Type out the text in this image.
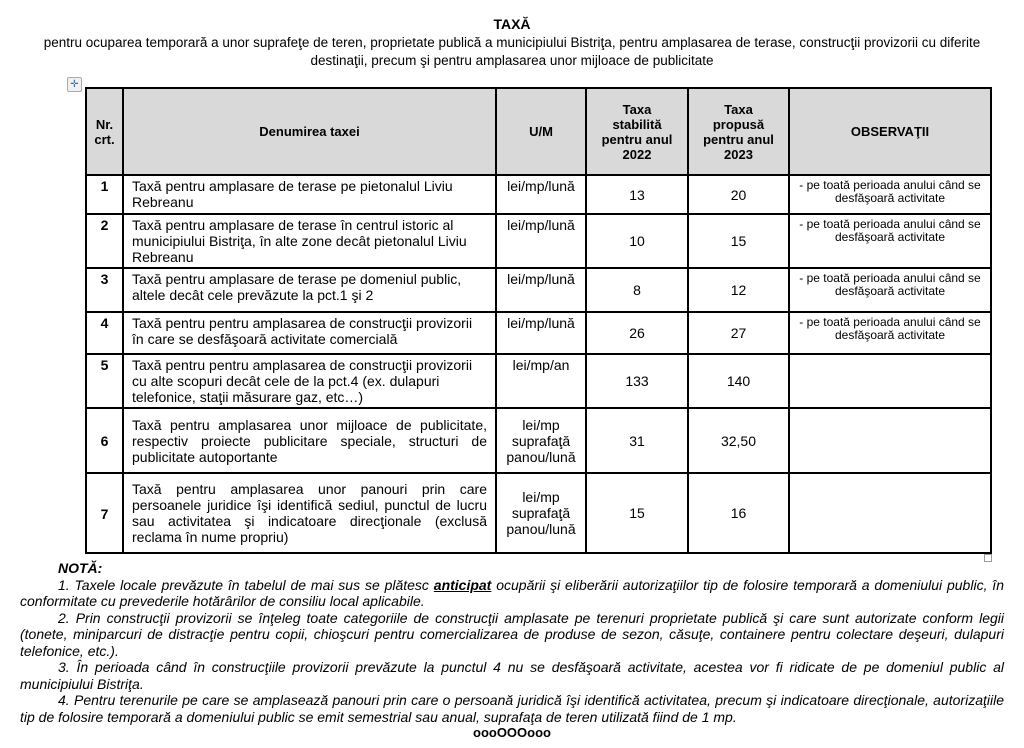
TAXĂ
pentru ocuparea temporară a unor suprafeţe de teren, proprietate publică a municipiului Bistriţa, pentru amplasarea de terase, construcţii provizorii cu diferite destinaţii, precum şi pentru amplasarea unor mijloace de publicitate
✛
Nr. crt.	Denumirea taxei	U/M	Taxa stabilită pentru anul 2022	Taxa propusă pentru anul 2023	OBSERVAŢII
1	Taxă pentru amplasare de terase pe pietonalul Liviu Rebreanu	lei/mp/lună	13	20	- pe toată perioada anului când se desfăşoară activitate
2	Taxă pentru amplasare de terase în centrul istoric al municipiului Bistriţa, în alte zone decât pietonalul Liviu Rebreanu	lei/mp/lună	10	15	- pe toată perioada anului când se desfăşoară activitate
3	Taxă pentru amplasare de terase pe domeniul public, altele decât cele prevăzute la pct.1 şi 2	lei/mp/lună	8	12	- pe toată perioada anului când se desfăşoară activitate
4	Taxă pentru pentru amplasarea de construcţii provizorii în care se desfăşoară activitate comercială	lei/mp/lună	26	27	- pe toată perioada anului când se desfăşoară activitate
5	Taxă pentru pentru amplasarea de construcţii provizorii cu alte scopuri decât cele de la pct.4 (ex. dulapuri telefonice, staţii măsurare gaz, etc…)	lei/mp/an	133	140	
6	Taxă pentru amplasarea unor mijloace de publicitate, respectiv proiecte publicitare speciale, structuri de publicitate autoportante	lei/mp suprafaţă panou/lună	31	32,50	
7	Taxă pentru amplasarea unor panouri prin care persoanele juridice îşi identifică sediul, punctul de lucru sau activitatea şi indicatoare direcţionale (exclusă reclama în nume propriu)	lei/mp suprafaţă panou/lună	15	16	
NOTĂ:

1. Taxele locale prevăzute în tabelul de mai sus se plătesc anticipat ocupării şi eliberării autorizaţiilor tip de folosire temporară a domeniului public, în conformitate cu prevederile hotărârilor de consiliu local aplicabile.

2. Prin construcţii provizorii se înţeleg toate categoriile de construcţii amplasate pe terenuri proprietate publică şi care sunt autorizate conform legii (tonete, miniparcuri de distracţie pentru copii, chioşcuri pentru comercializarea de produse de sezon, căsuţe, containere pentru colectare deşeuri, dulapuri telefonice, etc.).

3. În perioada când în construcţiile provizorii prevăzute la punctul 4 nu se desfăşoară activitate, acestea vor fi ridicate de pe domeniul public al municipiului Bistriţa.

4. Pentru terenurile pe care se amplasează panouri prin care o persoană juridică îşi identifică activitatea, precum şi indicatoare direcţionale, autorizaţiile tip de folosire temporară a domeniului public se emit semestrial sau anual, suprafaţa de teren utilizată fiind de 1 mp.

oooOOOooo
